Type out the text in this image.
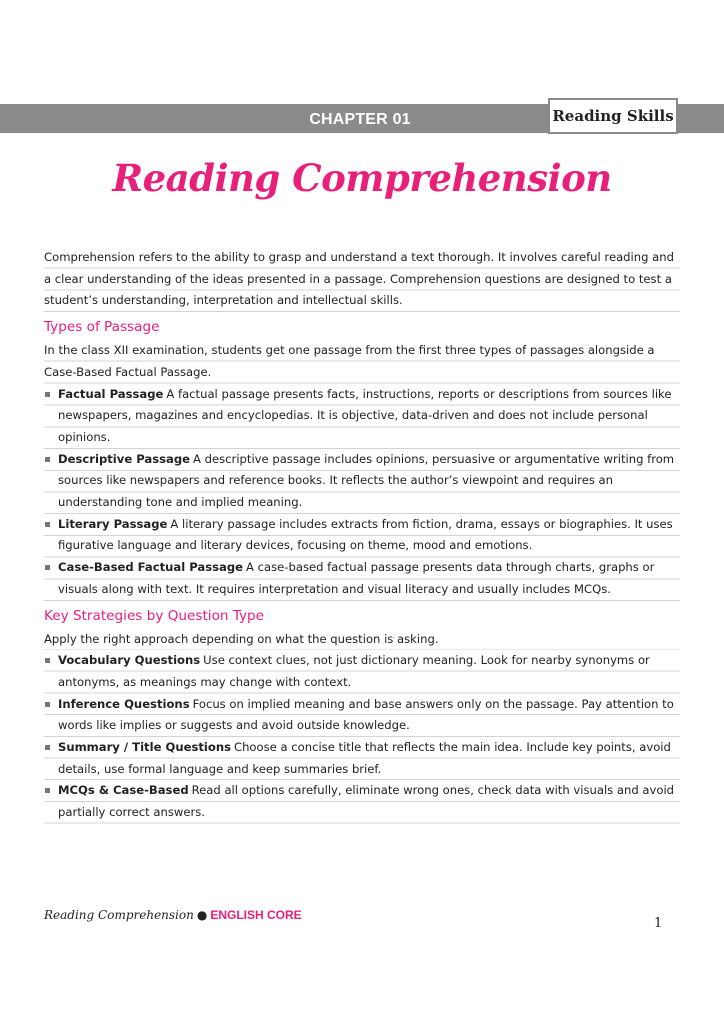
CHAPTER 01	Reading Skills
Reading Comprehension
Comprehension refers to the ability to grasp and understand a text thorough. It involves careful reading and a clear understanding of the ideas presented in a passage. Comprehension questions are designed to test a student’s understanding, interpretation and intellectual skills.
Types of Passage
In the class XII examination, students get one passage from the first three types of passages alongside a Case-Based Factual Passage.
Factual Passage A factual passage presents facts, instructions, reports or descriptions from sources like newspapers, magazines and encyclopedias. It is objective, data-driven and does not include personal opinions.
Descriptive Passage A descriptive passage includes opinions, persuasive or argumentative writing from sources like newspapers and reference books. It reflects the author’s viewpoint and requires an understanding tone and implied meaning.
Literary Passage A literary passage includes extracts from fiction, drama, essays or biographies. It uses figurative language and literary devices, focusing on theme, mood and emotions.
Case-Based Factual Passage A case-based factual passage presents data through charts, graphs or visuals along with text. It requires interpretation and visual literacy and usually includes MCQs.
Key Strategies by Question Type
Apply the right approach depending on what the question is asking.
Vocabulary Questions Use context clues, not just dictionary meaning. Look for nearby synonyms or antonyms, as meanings may change with context.
Inference Questions Focus on implied meaning and base answers only on the passage. Pay attention to words like implies or suggests and avoid outside knowledge.
Summary / Title Questions Choose a concise title that reflects the main idea. Include key points, avoid details, use formal language and keep summaries brief.
MCQs & Case-Based Read all options carefully, eliminate wrong ones, check data with visuals and avoid partially correct answers.
Reading Comprehension ● ENGLISH CORE
1
